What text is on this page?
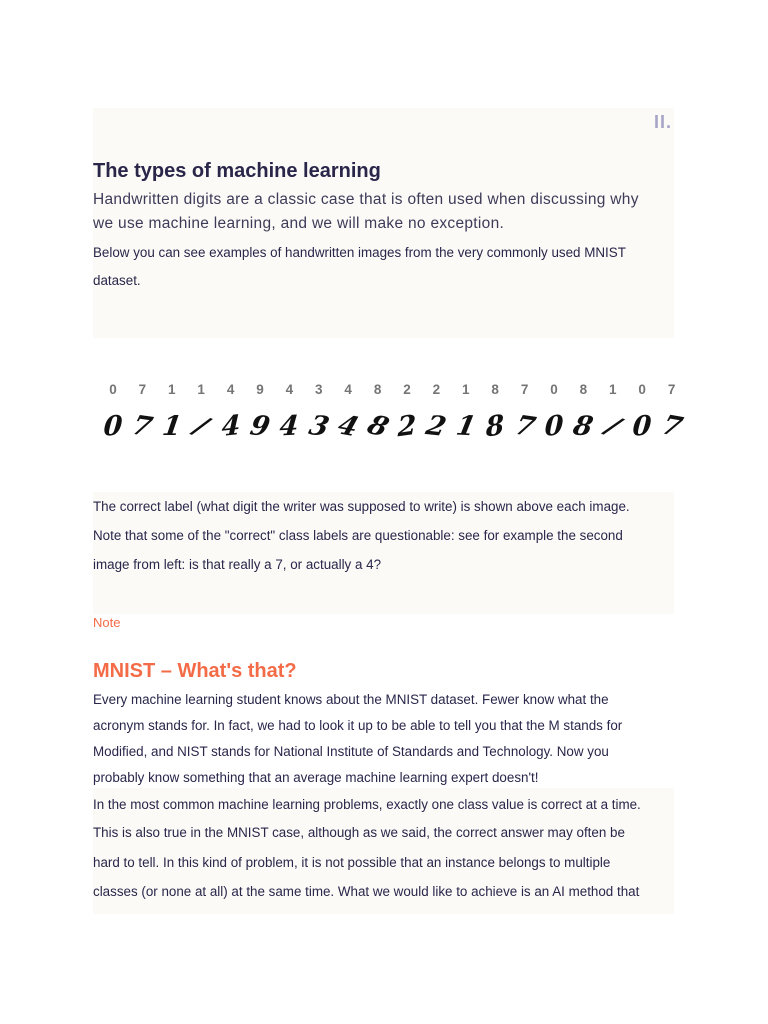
II.

The types of machine learning

Handwritten digits are a classic case that is often used when discussing why

we use machine learning, and we will make no exception.

Below you can see examples of handwritten images from the very commonly used MNIST

dataset.

0	7	1	1	4	9	4	3	4	8	2	2	1	8	7	0	8	1	0	7
0 7 1 / 4 9 4 3 4 8 2 2 1 8 7 0 8 / 0 7

The correct label (what digit the writer was supposed to write) is shown above each image.

Note that some of the "correct" class labels are questionable: see for example the second

image from left: is that really a 7, or actually a 4?

Note

MNIST – What's that?

Every machine learning student knows about the MNIST dataset. Fewer know what the

acronym stands for. In fact, we had to look it up to be able to tell you that the M stands for

Modified, and NIST stands for National Institute of Standards and Technology. Now you

probably know something that an average machine learning expert doesn't!

In the most common machine learning problems, exactly one class value is correct at a time.

This is also true in the MNIST case, although as we said, the correct answer may often be

hard to tell. In this kind of problem, it is not possible that an instance belongs to multiple

classes (or none at all) at the same time. What we would like to achieve is an AI method that
